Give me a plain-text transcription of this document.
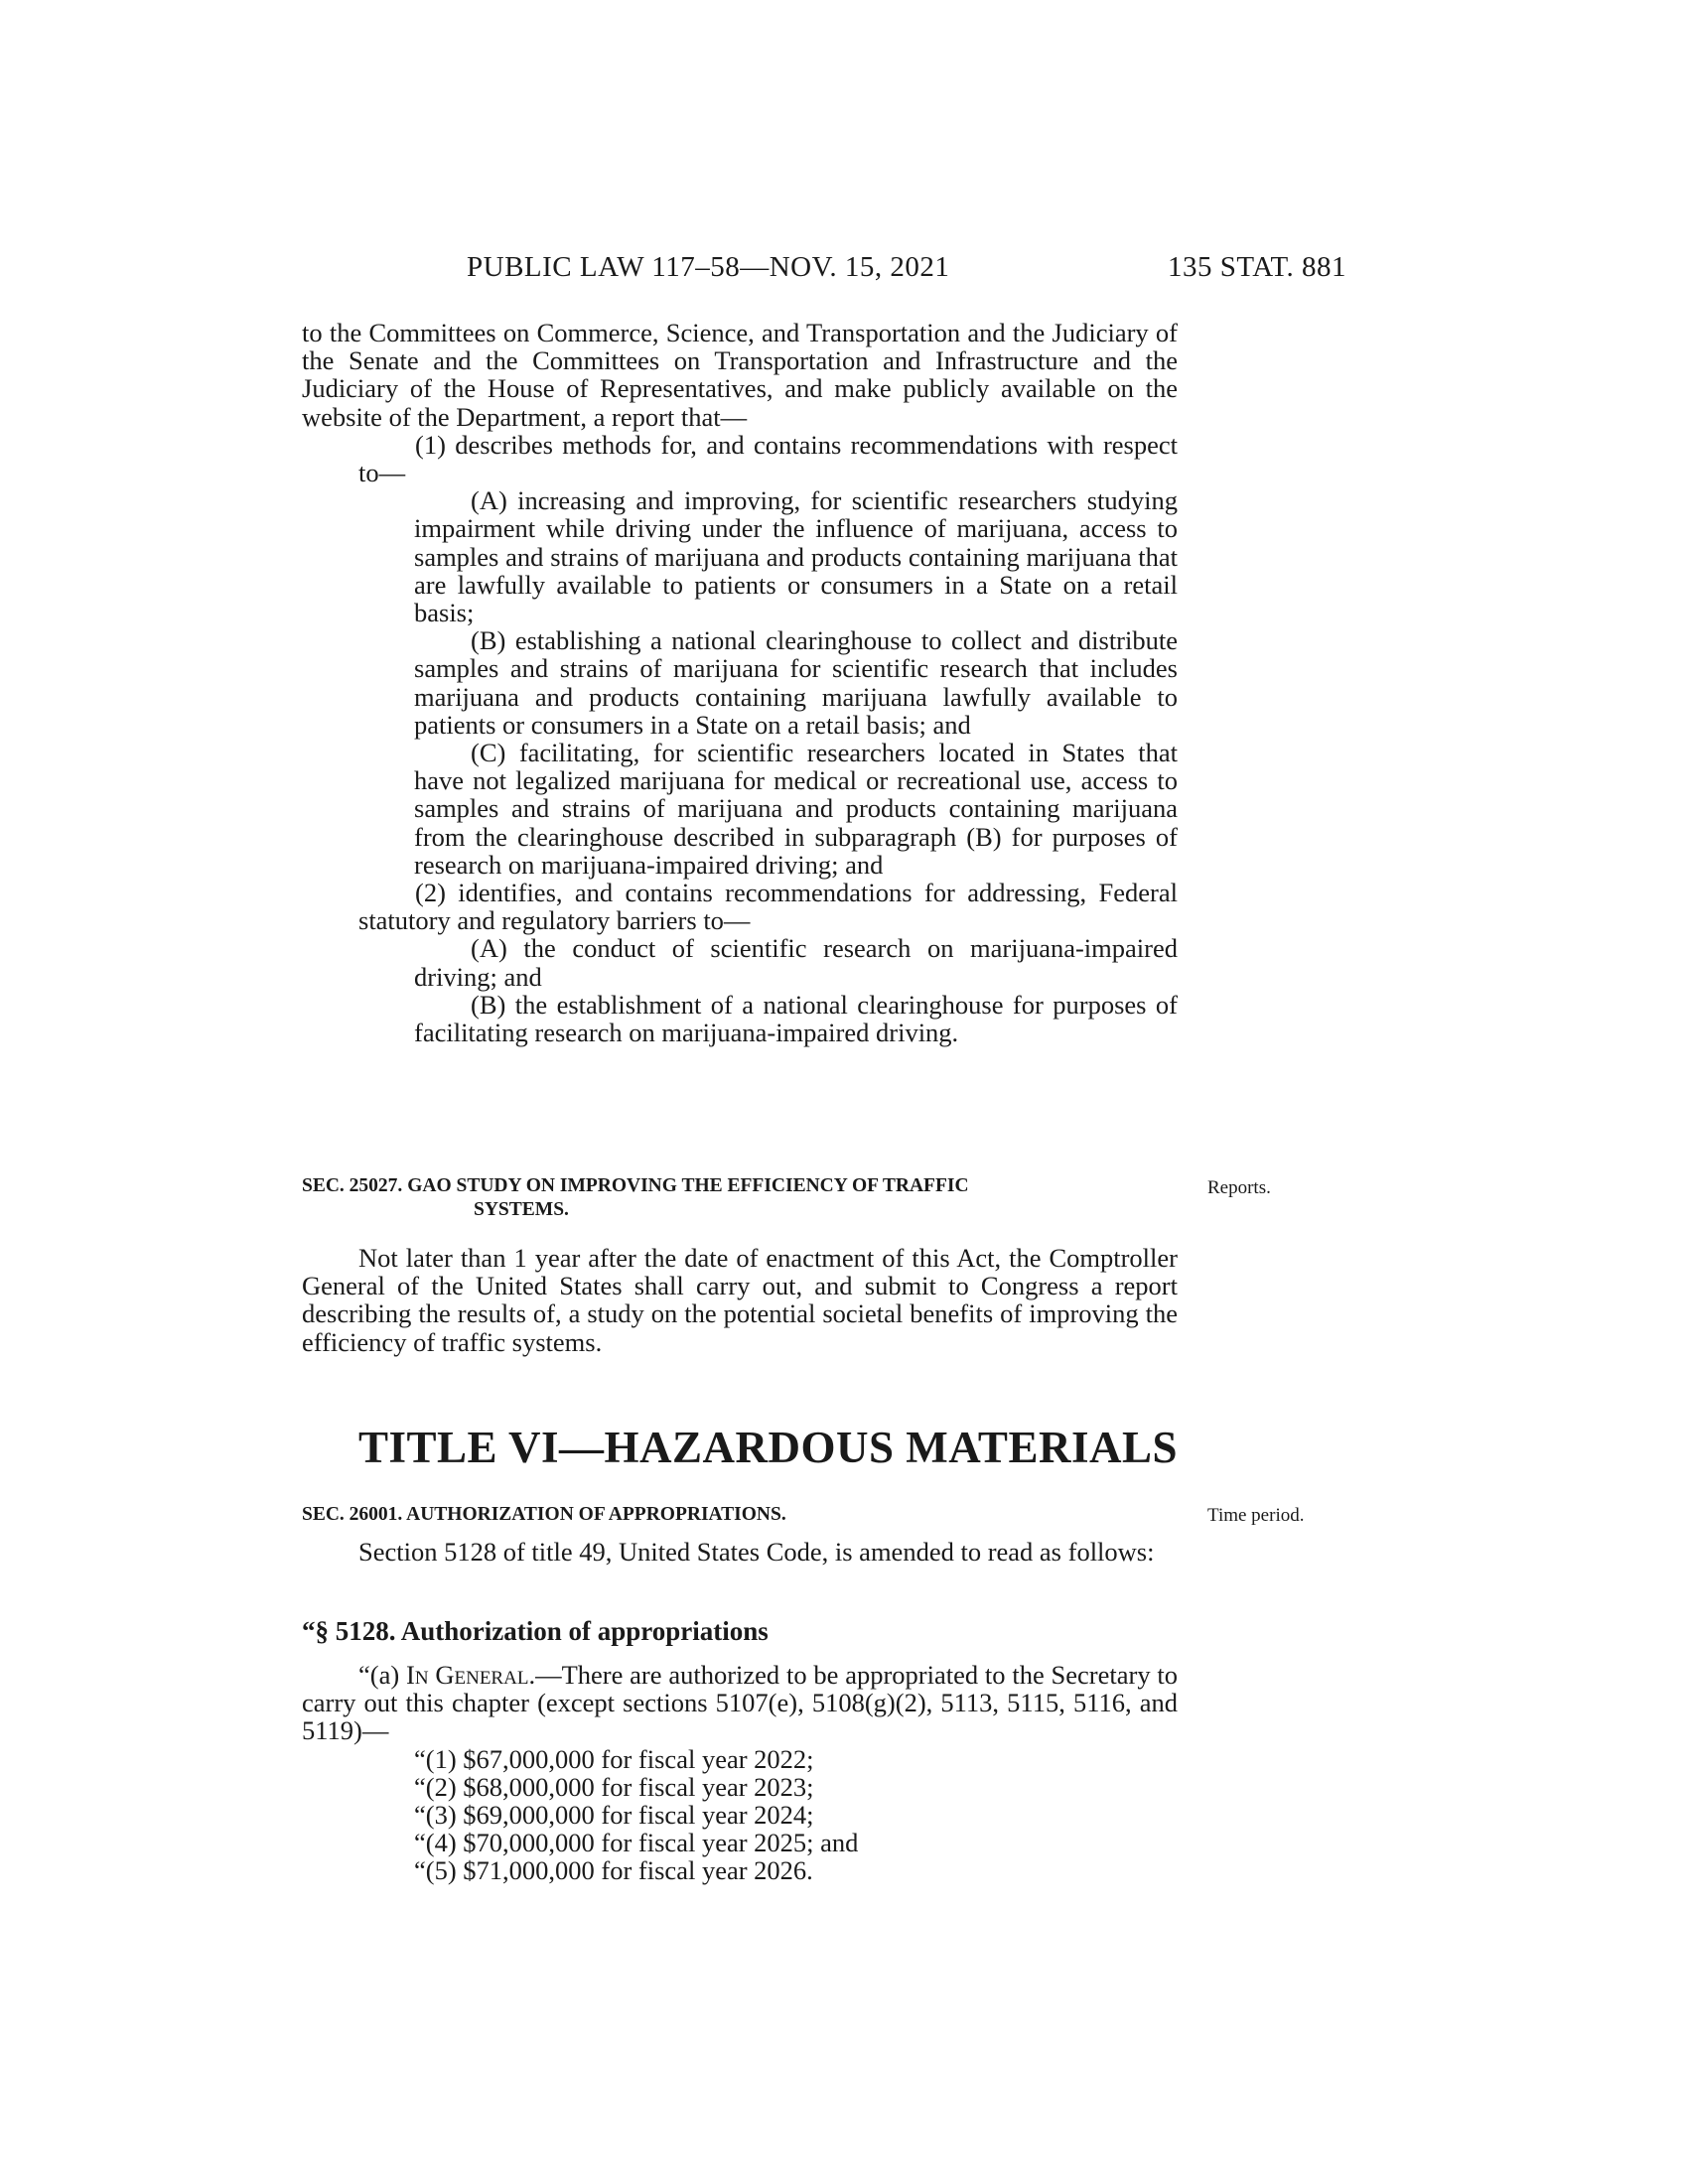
PUBLIC LAW 117–58—NOV. 15, 2021	135 STAT. 881

to the Committees on Commerce, Science, and Transportation and the Judiciary of the Senate and the Committees on Transportation and Infrastructure and the Judiciary of the House of Representatives, and make publicly available on the website of the Department, a report that—

(1) describes methods for, and contains recommendations with respect to—

(A) increasing and improving, for scientific researchers studying impairment while driving under the influence of marijuana, access to samples and strains of marijuana and products containing marijuana that are lawfully available to patients or consumers in a State on a retail basis;

(B) establishing a national clearinghouse to collect and distribute samples and strains of marijuana for scientific research that includes marijuana and products containing marijuana lawfully available to patients or consumers in a State on a retail basis; and

(C) facilitating, for scientific researchers located in States that have not legalized marijuana for medical or recreational use, access to samples and strains of marijuana and products containing marijuana from the clearinghouse described in subparagraph (B) for purposes of research on marijuana-impaired driving; and

(2) identifies, and contains recommendations for addressing, Federal statutory and regulatory barriers to—

(A) the conduct of scientific research on marijuana-impaired driving; and

(B) the establishment of a national clearinghouse for purposes of facilitating research on marijuana-impaired driving.

SEC. 25027. GAO STUDY ON IMPROVING THE EFFICIENCY OF TRAFFIC
SYSTEMS.
Reports.

Not later than 1 year after the date of enactment of this Act, the Comptroller General of the United States shall carry out, and submit to Congress a report describing the results of, a study on the potential societal benefits of improving the efficiency of traffic systems.

TITLE VI—HAZARDOUS MATERIALS
SEC. 26001. AUTHORIZATION OF APPROPRIATIONS.	Time period.

Section 5128 of title 49, United States Code, is amended to read as follows:

“§ 5128. Authorization of appropriations

“(a) In General.—There are authorized to be appropriated to the Secretary to carry out this chapter (except sections 5107(e), 5108(g)(2), 5113, 5115, 5116, and 5119)—

“(1) $67,000,000 for fiscal year 2022;

“(2) $68,000,000 for fiscal year 2023;

“(3) $69,000,000 for fiscal year 2024;

“(4) $70,000,000 for fiscal year 2025; and

“(5) $71,000,000 for fiscal year 2026.
